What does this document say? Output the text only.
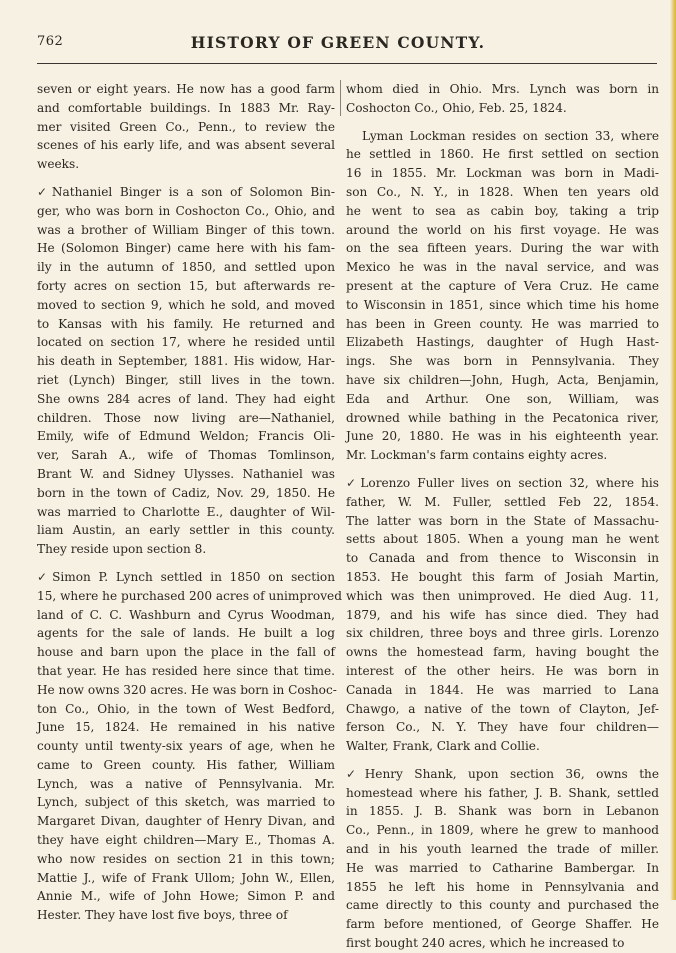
762	HISTORY OF GREEN COUNTY.
seven or eight years. He now has a good farm
and comfortable buildings. In 1883 Mr. Ray-
mer visited Green Co., Penn., to review the
scenes of his early life, and was absent several
weeks.
✓Nathaniel Binger is a son of Solomon Bin-
ger, who was born in Coshocton Co., Ohio, and
was a brother of William Binger of this town.
He (Solomon Binger) came here with his fam-
ily in the autumn of 1850, and settled upon
forty acres on section 15, but afterwards re-
moved to section 9, which he sold, and moved
to Kansas with his family. He returned and
located on section 17, where he resided until
his death in September, 1881. His widow, Har-
riet (Lynch) Binger, still lives in the town.
She owns 284 acres of land. They had eight
children. Those now living are—Nathaniel,
Emily, wife of Edmund Weldon; Francis Oli-
ver, Sarah A., wife of Thomas Tomlinson,
Brant W. and Sidney Ulysses. Nathaniel was
born in the town of Cadiz, Nov. 29, 1850. He
was married to Charlotte E., daughter of Wil-
liam Austin, an early settler in this county.
They reside upon section 8.
✓Simon P. Lynch settled in 1850 on section
15, where he purchased 200 acres of unimproved
land of C. C. Washburn and Cyrus Woodman,
agents for the sale of lands. He built a log
house and barn upon the place in the fall of
that year. He has resided here since that time.
He now owns 320 acres. He was born in Coshoc-
ton Co., Ohio, in the town of West Bedford,
June 15, 1824. He remained in his native
county until twenty-six years of age, when he
came to Green county. His father, William
Lynch, was a native of Pennsylvania. Mr.
Lynch, subject of this sketch, was married to
Margaret Divan, daughter of Henry Divan, and
they have eight children—Mary E., Thomas A.
who now resides on section 21 in this town;
Mattie J., wife of Frank Ullom; John W., Ellen,
Annie M., wife of John Howe; Simon P. and
Hester. They have lost five boys, three of
whom died in Ohio. Mrs. Lynch was born in
Coshocton Co., Ohio, Feb. 25, 1824.
Lyman Lockman resides on section 33, where
he settled in 1860. He first settled on section
16 in 1855. Mr. Lockman was born in Madi-
son Co., N. Y., in 1828. When ten years old
he went to sea as cabin boy, taking a trip
around the world on his first voyage. He was
on the sea fifteen years. During the war with
Mexico he was in the naval service, and was
present at the capture of Vera Cruz. He came
to Wisconsin in 1851, since which time his home
has been in Green county. He was married to
Elizabeth Hastings, daughter of Hugh Hast-
ings. She was born in Pennsylvania. They
have six children—John, Hugh, Acta, Benjamin,
Eda and Arthur. One son, William, was
drowned while bathing in the Pecatonica river,
June 20, 1880. He was in his eighteenth year.
Mr. Lockman's farm contains eighty acres.
✓Lorenzo Fuller lives on section 32, where his
father, W. M. Fuller, settled Feb 22, 1854.
The latter was born in the State of Massachu-
setts about 1805. When a young man he went
to Canada and from thence to Wisconsin in
1853. He bought this farm of Josiah Martin,
which was then unimproved. He died Aug. 11,
1879, and his wife has since died. They had
six children, three boys and three girls. Lorenzo
owns the homestead farm, having bought the
interest of the other heirs. He was born in
Canada in 1844. He was married to Lana
Chawgo, a native of the town of Clayton, Jef-
ferson Co., N. Y. They have four children—
Walter, Frank, Clark and Collie.
✓Henry Shank, upon section 36, owns the
homestead where his father, J. B. Shank, settled
in 1855. J. B. Shank was born in Lebanon
Co., Penn., in 1809, where he grew to manhood
and in his youth learned the trade of miller.
He was married to Catharine Bambergar. In
1855 he left his home in Pennsylvania and
came directly to this county and purchased the
farm before mentioned, of George Shaffer. He
first bought 240 acres, which he increased to
